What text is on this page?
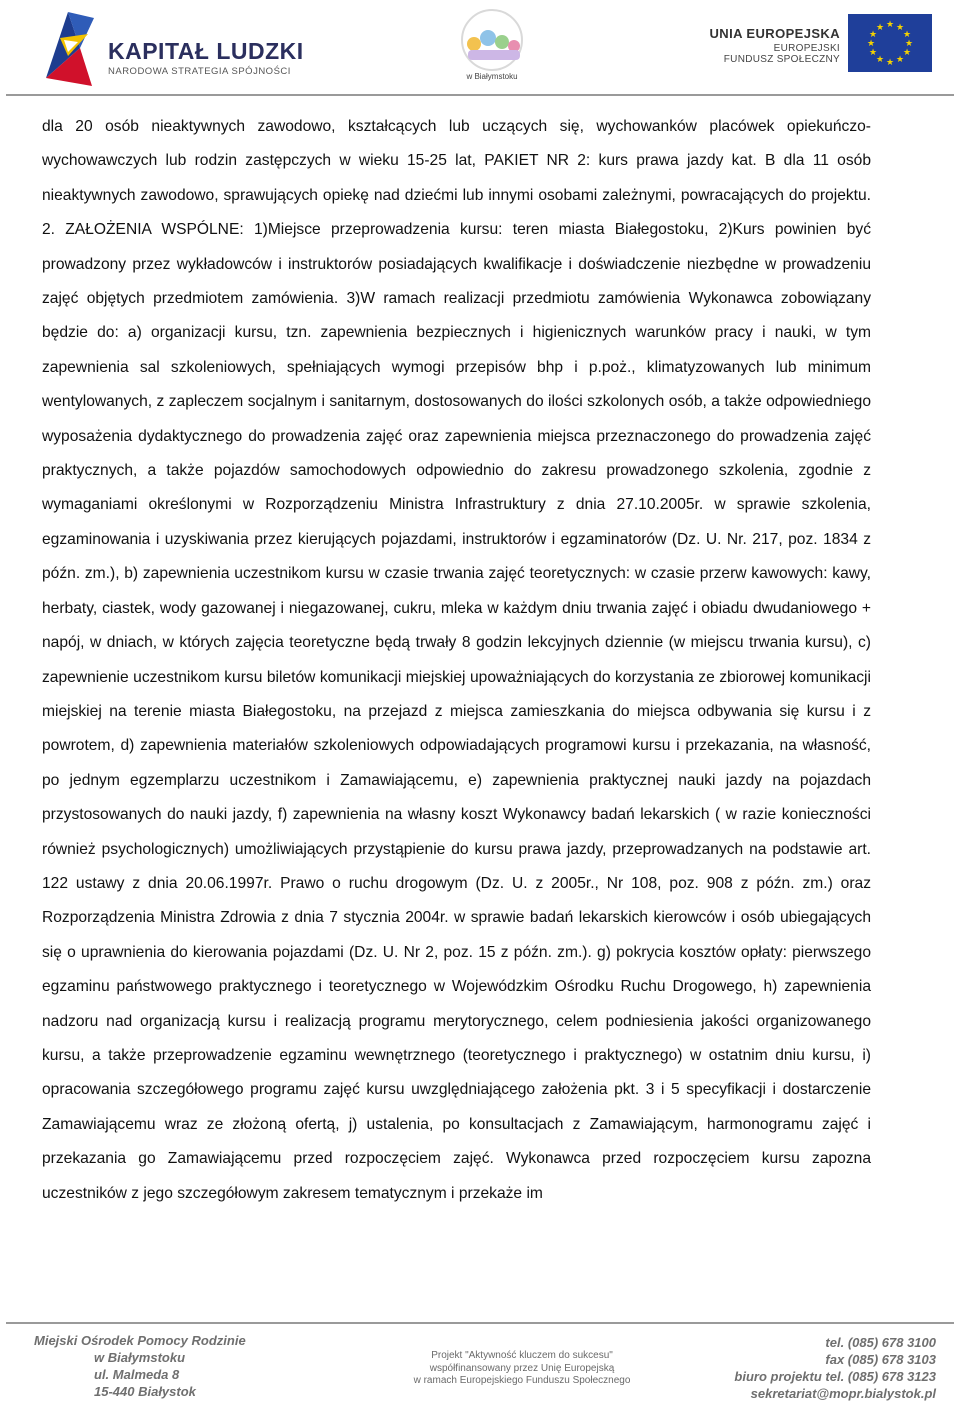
KAPITAŁ LUDZKI
NARODOWA STRATEGIA SPÓJNOŚCI	w Białymstoku
UNIA EUROPEJSKA
EUROPEJSKI
FUNDUSZ SPOŁECZNY
★ ★
★
★
★
★
★
★
★
★
★
★

dla 20 osób nieaktywnych zawodowo, kształcących lub uczących się, wychowanków placówek opiekuńczo-wychowawczych lub rodzin zastępczych w wieku 15-25 lat, PAKIET NR 2: kurs prawa jazdy kat. B dla 11 osób nieaktywnych zawodowo, sprawujących opiekę nad dziećmi lub innymi osobami zależnymi, powracających do projektu. 2. ZAŁOŻENIA WSPÓLNE: 1)Miejsce przeprowadzenia kursu: teren miasta Białegostoku, 2)Kurs powinien być prowadzony przez wykładowców i instruktorów posiadających kwalifikacje i doświadczenie niezbędne w prowadzeniu zajęć objętych przedmiotem zamówienia. 3)W ramach realizacji przedmiotu zamówienia Wykonawca zobowiązany będzie do: a) organizacji kursu, tzn. zapewnienia bezpiecznych i higienicznych warunków pracy i nauki, w tym zapewnienia sal szkoleniowych, spełniających wymogi przepisów bhp i p.poż., klimatyzowanych lub minimum wentylowanych, z zapleczem socjalnym i sanitarnym, dostosowanych do ilości szkolonych osób, a także odpowiedniego wyposażenia dydaktycznego do prowadzenia zajęć oraz zapewnienia miejsca przeznaczonego do prowadzenia zajęć praktycznych, a także pojazdów samochodowych odpowiednio do zakresu prowadzonego szkolenia, zgodnie z wymaganiami określonymi w Rozporządzeniu Ministra Infrastruktury z dnia 27.10.2005r. w sprawie szkolenia, egzaminowania i uzyskiwania przez kierujących pojazdami, instruktorów i egzaminatorów (Dz. U. Nr. 217, poz. 1834 z późn. zm.), b) zapewnienia uczestnikom kursu w czasie trwania zajęć teoretycznych: w czasie przerw kawowych: kawy, herbaty, ciastek, wody gazowanej i niegazowanej, cukru, mleka w każdym dniu trwania zajęć i obiadu dwudaniowego + napój, w dniach, w których zajęcia teoretyczne będą trwały 8 godzin lekcyjnych dziennie (w miejscu trwania kursu), c) zapewnienie uczestnikom kursu biletów komunikacji miejskiej upoważniających do korzystania ze zbiorowej komunikacji miejskiej na terenie miasta Białegostoku, na przejazd z miejsca zamieszkania do miejsca odbywania się kursu i z powrotem, d) zapewnienia materiałów szkoleniowych odpowiadających programowi kursu i przekazania, na własność, po jednym egzemplarzu uczestnikom i Zamawiającemu, e) zapewnienia praktycznej nauki jazdy na pojazdach przystosowanych do nauki jazdy, f) zapewnienia na własny koszt Wykonawcy badań lekarskich ( w razie konieczności również psychologicznych) umożliwiających przystąpienie do kursu prawa jazdy, przeprowadzanych na podstawie art. 122 ustawy z dnia 20.06.1997r. Prawo o ruchu drogowym (Dz. U. z 2005r., Nr 108, poz. 908 z późn. zm.) oraz Rozporządzenia Ministra Zdrowia z dnia 7 stycznia 2004r. w sprawie badań lekarskich kierowców i osób ubiegających się o uprawnienia do kierowania pojazdami (Dz. U. Nr 2, poz. 15 z późn. zm.). g) pokrycia kosztów opłaty: pierwszego egzaminu państwowego praktycznego i teoretycznego w Wojewódzkim Ośrodku Ruchu Drogowego, h) zapewnienia nadzoru nad organizacją kursu i realizacją programu merytorycznego, celem podniesienia jakości organizowanego kursu, a także przeprowadzenie egzaminu wewnętrznego (teoretycznego i praktycznego) w ostatnim dniu kursu, i) opracowania szczegółowego programu zajęć kursu uwzględniającego założenia pkt. 3 i 5 specyfikacji i dostarczenie Zamawiającemu wraz ze złożoną ofertą, j) ustalenia, po konsultacjach z Zamawiającym, harmonogramu zajęć i przekazania go Zamawiającemu przed rozpoczęciem zajęć. Wykonawca przed rozpoczęciem kursu zapozna uczestników z jego szczegółowym zakresem tematycznym i przekaże im

Miejski Ośrodek Pomocy Rodzinie
w Białymstoku
ul. Malmeda 8
15-440 Białystok
Projekt "Aktywność kluczem do sukcesu"
współfinansowany przez Unię Europejską
w ramach Europejskiego Funduszu Społecznego
tel. (085) 678 3100
fax (085) 678 3103
biuro projektu tel. (085) 678 3123
sekretariat@mopr.bialystok.pl
